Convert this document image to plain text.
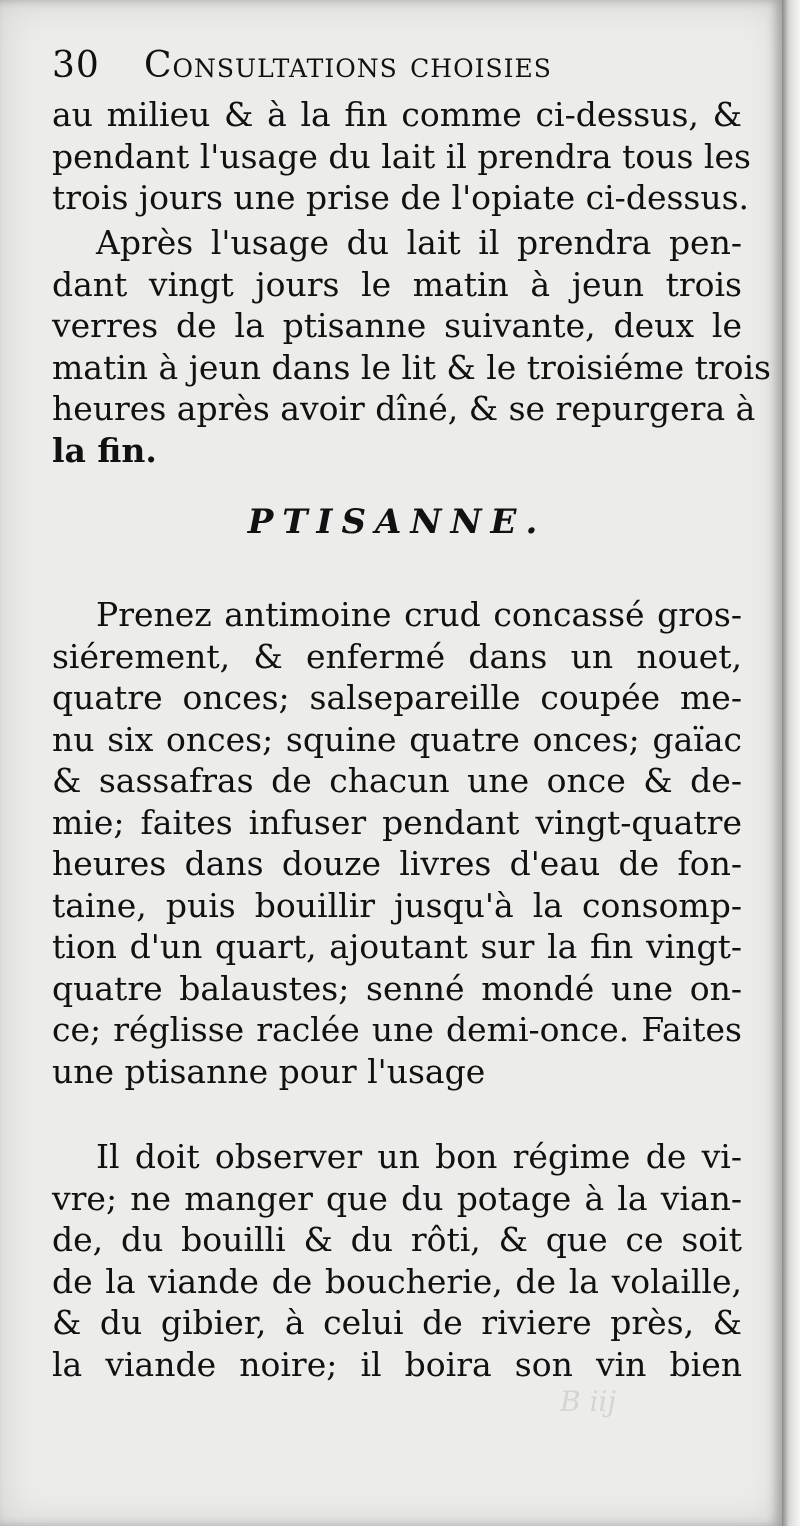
30 Consultations choisies
au milieu & à la fin comme ci-dessus, &
pendant l'usage du lait il prendra tous les
trois jours une prise de l'opiate ci-dessus.
Après l'usage du lait il prendra pen-
dant vingt jours le matin à jeun trois
verres de la ptisanne suivante, deux le
matin à jeun dans le lit & le troisiéme trois
heures après avoir dîné, & se repurgera à
la fin.
PTISANNE.
Prenez antimoine crud concassé gros-
siérement, & enfermé dans un nouet,
quatre onces; salsepareille coupée me-
nu six onces; squine quatre onces; gaïac
& sassafras de chacun une once & de-
mie; faites infuser pendant vingt-quatre
heures dans douze livres d'eau de fon-
taine, puis bouillir jusqu'à la consomp-
tion d'un quart, ajoutant sur la fin vingt-
quatre balaustes; senné mondé une on-
ce; réglisse raclée une demi-once. Faites
une ptisanne pour l'usage
Il doit observer un bon régime de vi-
vre; ne manger que du potage à la vian-
de, du bouilli & du rôti, & que ce soit
de la viande de boucherie, de la volaille,
& du gibier, à celui de riviere près, &
la viande noire; il boira son vin bien
B iij
